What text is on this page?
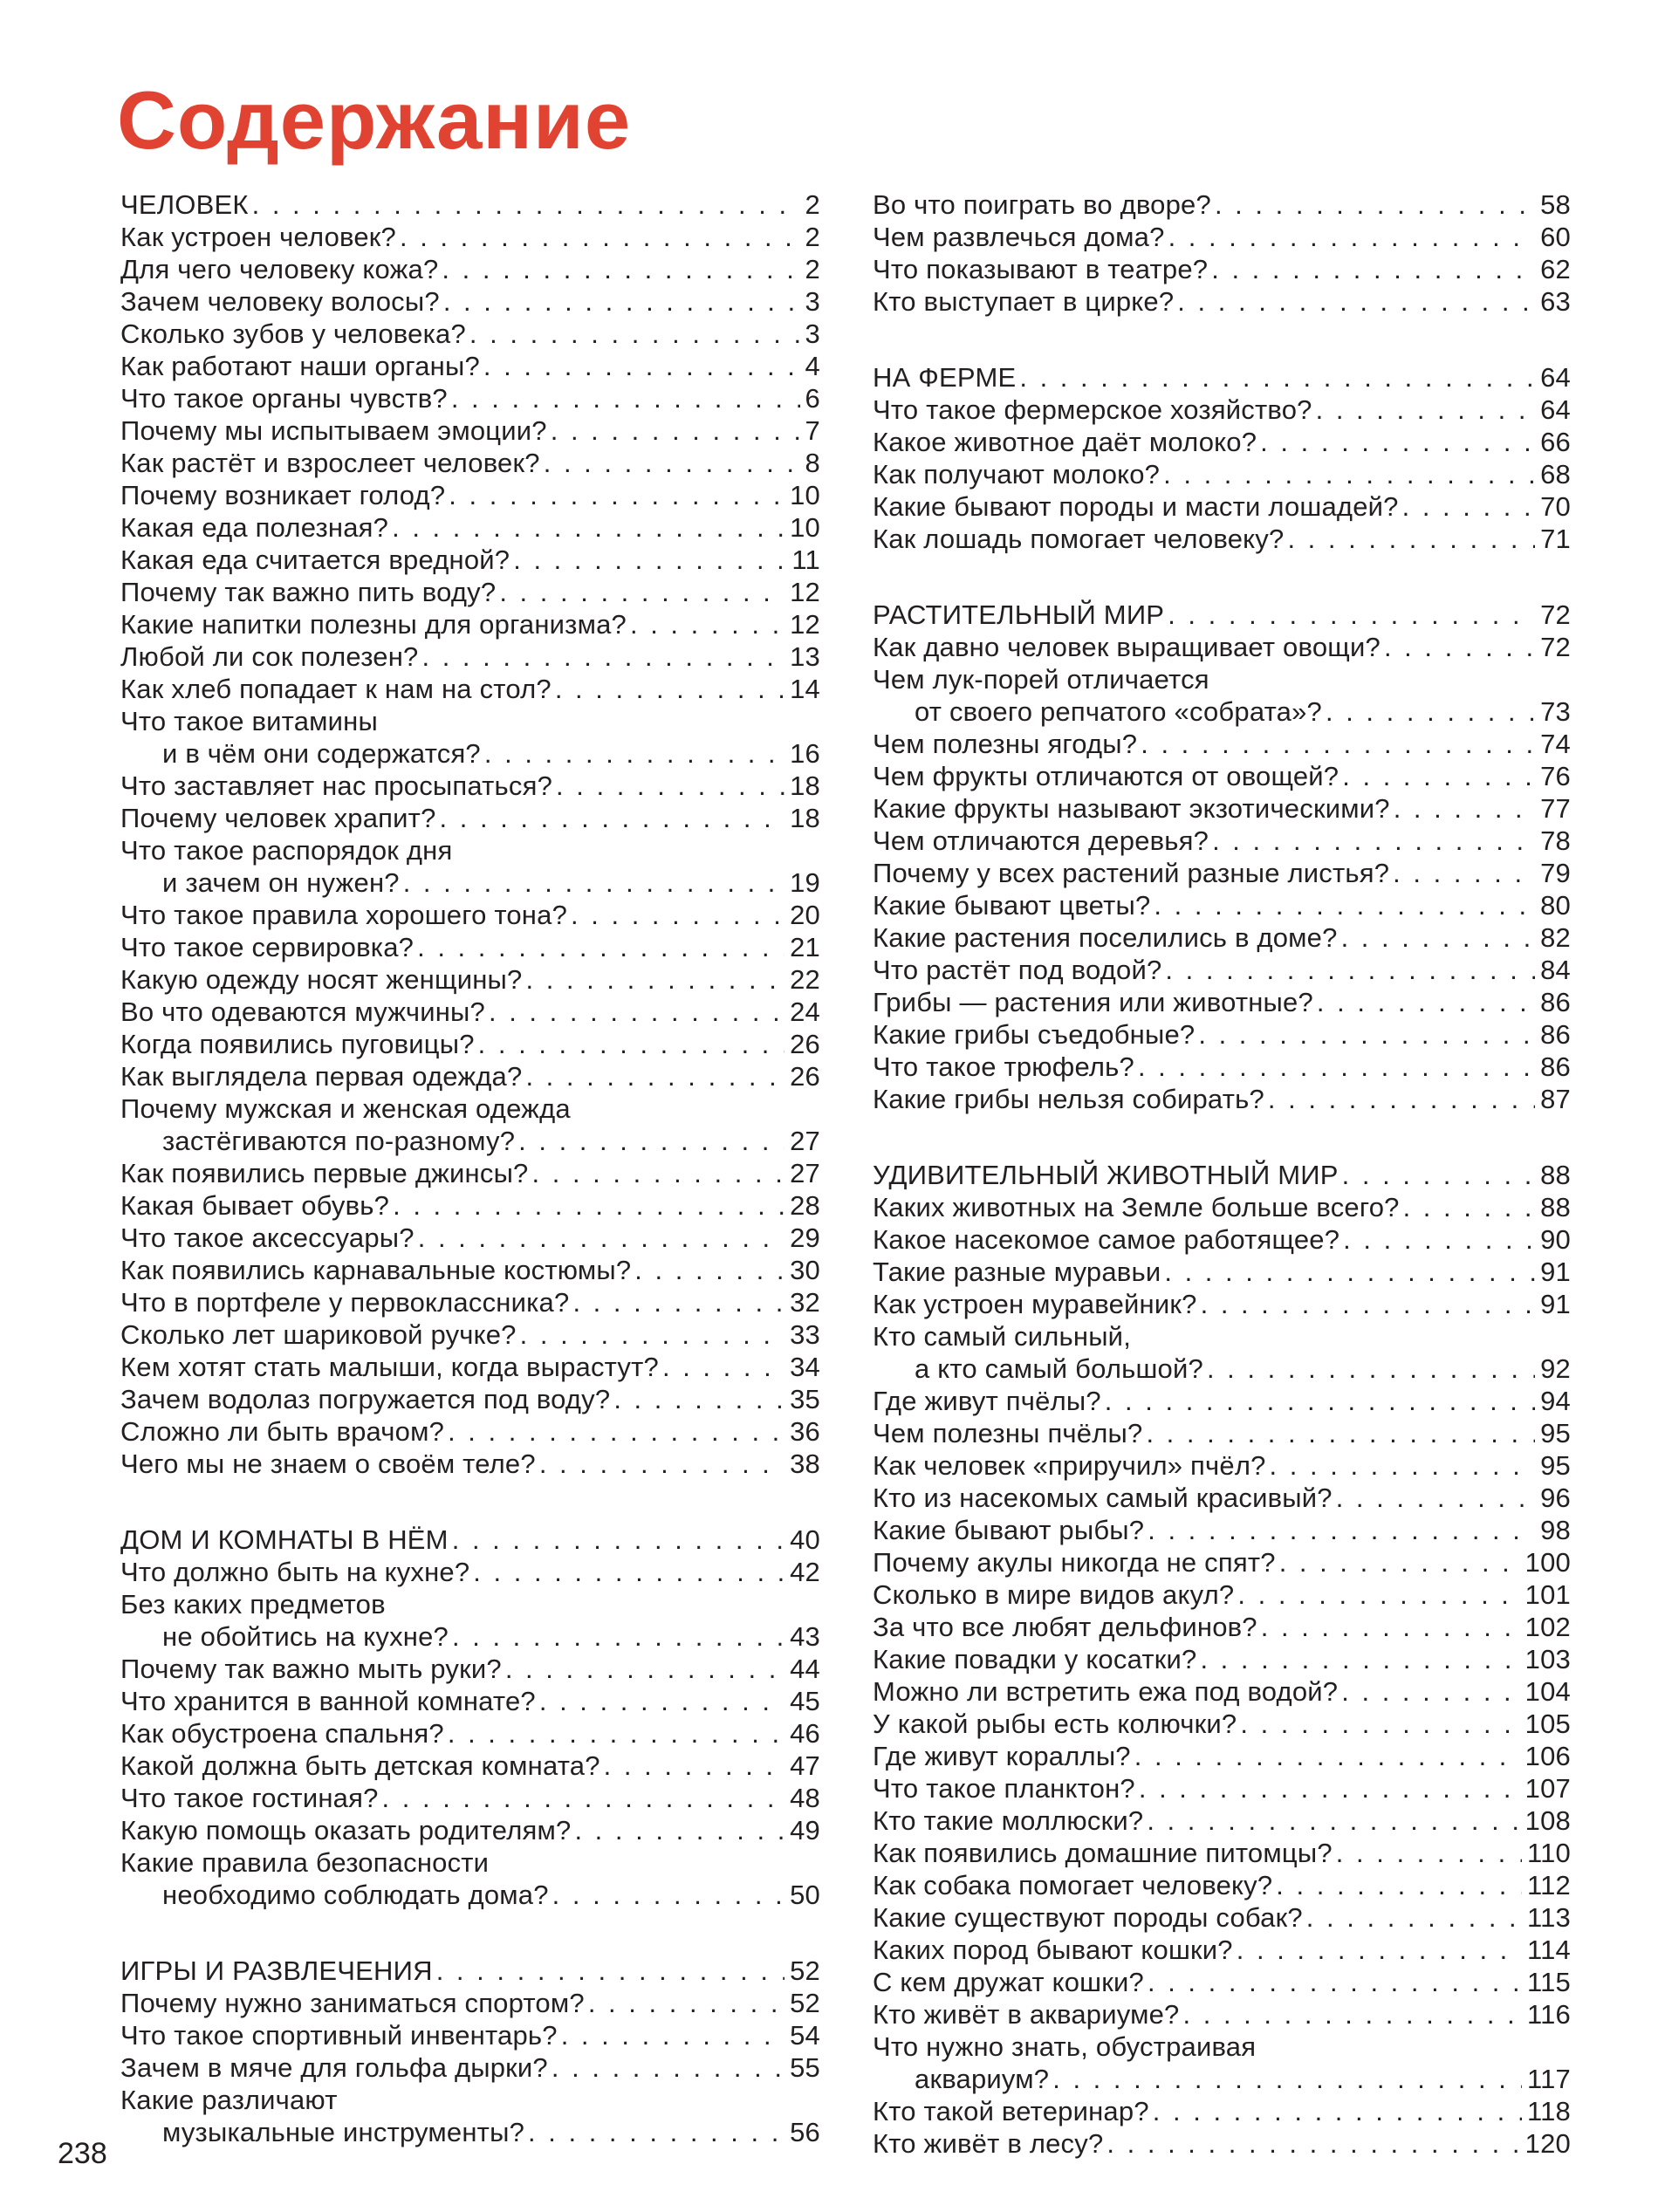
Содержание
ЧЕЛОВЕК . . .	2
Как устроен человек? . . .	2
Для чего человеку кожа? . . .	2
Зачем человеку волосы? . . .	3
Сколько зубов у человека? . . .	3
Как работают наши органы? . . .	4
Что такое органы чувств? . . .	6
Почему мы испытываем эмоции? . . .	7
Как растёт и взрослеет человек? . . .	8
Почему возникает голод? . . .	10
Какая еда полезная? . . .	10
Какая еда считается вредной? . . .	11
Почему так важно пить воду? . . .	12
Какие напитки полезны для организма? . . .	12
Любой ли сок полезен? . . .	13
Как хлеб попадает к нам на стол? . . .	14
Что такое витамины
и в чём они содержатся? . . .	16
Что заставляет нас просыпаться? . . .	18
Почему человек храпит? . . .	18
Что такое распорядок дня
и зачем он нужен? . . .	19
Что такое правила хорошего тона? . . .	20
Что такое сервировка? . . .	21
Какую одежду носят женщины? . . .	22
Во что одеваются мужчины? . . .	24
Когда появились пуговицы? . . .	26
Как выглядела первая одежда? . . .	26
Почему мужская и женская одежда
застёгиваются по-разному? . . .	27
Как появились первые джинсы? . . .	27
Какая бывает обувь? . . .	28
Что такое аксессуары? . . .	29
Как появились карнавальные костюмы? . . .	30
Что в портфеле у первоклассника? . . .	32
Сколько лет шариковой ручке? . . .	33
Кем хотят стать малыши, когда вырастут? . . .	34
Зачем водолаз погружается под воду? . . .	35
Сложно ли быть врачом? . . .	36
Чего мы не знаем о своём теле? . . .	38
ДОМ И КОМНАТЫ В НЁМ . . .	40
Что должно быть на кухне? . . .	42
Без каких предметов
не обойтись на кухне? . . .	43
Почему так важно мыть руки? . . .	44
Что хранится в ванной комнате? . . .	45
Как обустроена спальня? . . .	46
Какой должна быть детская комната? . . .	47
Что такое гостиная? . . .	48
Какую помощь оказать родителям? . . .	49
Какие правила безопасности
необходимо соблюдать дома? . . .	50
ИГРЫ И РАЗВЛЕЧЕНИЯ . . .	52
Почему нужно заниматься спортом? . . .	52
Что такое спортивный инвентарь? . . .	54
Зачем в мяче для гольфа дырки? . . .	55
Какие различают
музыкальные инструменты? . . .	56
Во что поиграть во дворе? . . .	58
Чем развлечься дома? . . .	60
Что показывают в театре? . . .	62
Кто выступает в цирке? . . .	63
НА ФЕРМЕ . . .	64
Что такое фермерское хозяйство? . . .	64
Какое животное даёт молоко? . . .	66
Как получают молоко? . . .	68
Какие бывают породы и масти лошадей? . . .	70
Как лошадь помогает человеку? . . .	71
РАСТИТЕЛЬНЫЙ МИР . . .	72
Как давно человек выращивает овощи? . . .	72
Чем лук-порей отличается
от своего репчатого «собрата»? . . .	73
Чем полезны ягоды? . . .	74
Чем фрукты отличаются от овощей? . . .	76
Какие фрукты называют экзотическими? . . .	77
Чем отличаются деревья? . . .	78
Почему у всех растений разные листья? . . .	79
Какие бывают цветы? . . .	80
Какие растения поселились в доме? . . .	82
Что растёт под водой? . . .	84
Грибы — растения или животные? . . .	86
Какие грибы съедобные? . . .	86
Что такое трюфель? . . .	86
Какие грибы нельзя собирать? . . .	87
УДИВИТЕЛЬНЫЙ ЖИВОТНЫЙ МИР . . .	88
Каких животных на Земле больше всего? . . .	88
Какое насекомое самое работящее? . . .	90
Такие разные муравьи . . .	91
Как устроен муравейник? . . .	91
Кто самый сильный,
а кто самый большой? . . .	92
Где живут пчёлы? . . .	94
Чем полезны пчёлы? . . .	95
Как человек «приручил» пчёл? . . .	95
Кто из насекомых самый красивый? . . .	96
Какие бывают рыбы? . . .	98
Почему акулы никогда не спят? . . .	100
Сколько в мире видов акул? . . .	101
За что все любят дельфинов? . . .	102
Какие повадки у косатки? . . .	103
Можно ли встретить ежа под водой? . . .	104
У какой рыбы есть колючки? . . .	105
Где живут кораллы? . . .	106
Что такое планктон? . . .	107
Кто такие моллюски? . . .	108
Как появились домашние питомцы? . . .	110
Как собака помогает человеку? . . .	112
Какие существуют породы собак? . . .	113
Каких пород бывают кошки? . . .	114
С кем дружат кошки? . . .	115
Кто живёт в аквариуме? . . .	116
Что нужно знать, обустраивая
аквариум? . . .	117
Кто такой ветеринар? . . .	118
Кто живёт в лесу? . . .	120
238
